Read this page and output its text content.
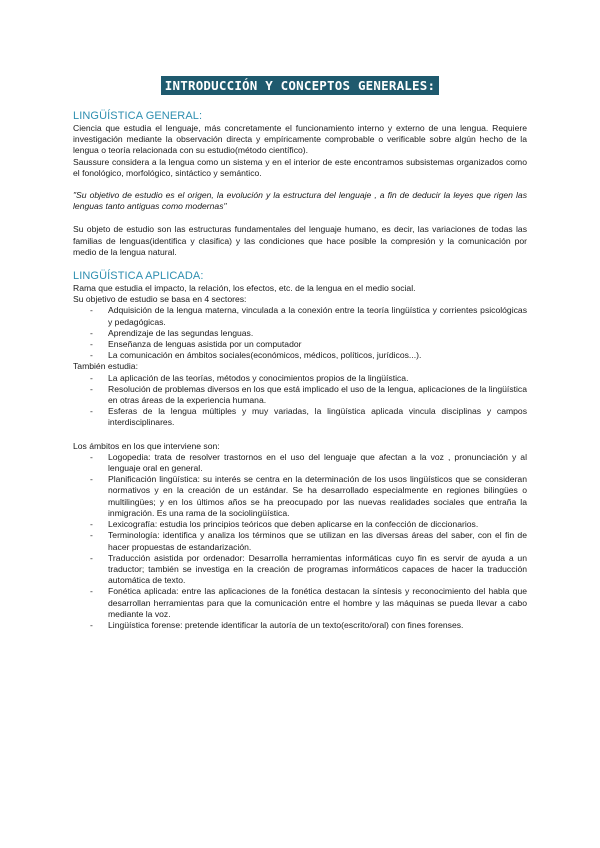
INTRODUCCIÓN Y CONCEPTOS GENERALES:
LINGÜÍSTICA GENERAL:

Ciencia que estudia el lenguaje, más concretamente el funcionamiento interno y externo de una lengua. Requiere investigación mediante la observación directa y empíricamente comprobable o verificable sobre algún hecho de la lengua o teoría relacionada con su estudio(método científico).

Saussure considera a la lengua como un sistema y en el interior de este encontramos subsistemas organizados como el fonológico, morfológico, sintáctico y semántico.

"Su objetivo de estudio es el origen, la evolución y la estructura del lenguaje , a fin de deducir la leyes que rigen las lenguas tanto antiguas como modernas"

Su objeto de estudio son las estructuras fundamentales del lenguaje humano, es decir, las variaciones de todas las familias de lenguas(identifica y clasifica) y las condiciones que hace posible la compresión y la comunicación por medio de la lengua natural.

LINGÜÍSTICA APLICADA:

Rama que estudia el impacto, la relación, los efectos, etc. de la lengua en el medio social.

Su objetivo de estudio se basa en 4 sectores:

- Adquisición de la lengua materna, vinculada a la conexión entre la teoría lingüística y corrientes psicológicas y pedagógicas.
- Aprendizaje de las segundas lenguas.
- Enseñanza de lenguas asistida por un computador
- La comunicación en ámbitos sociales(económicos, médicos, políticos, jurídicos...).

También estudia:

- La aplicación de las teorías, métodos y conocimientos propios de la lingüística.
- Resolución de problemas diversos en los que está implicado el uso de la lengua, aplicaciones de la lingüística en otras áreas de la experiencia humana.
- Esferas de la lengua múltiples y muy variadas, la lingüística aplicada vincula disciplinas y campos interdisciplinares.

Los ámbitos en los que interviene son:

- Logopedia: trata de resolver trastornos en el uso del lenguaje que afectan a la voz , pronunciación y al lenguaje oral en general.
- Planificación lingüística: su interés se centra en la determinación de los usos lingüísticos que se consideran normativos y en la creación de un estándar. Se ha desarrollado especialmente en regiones bilingües o multilingües; y en los últimos años se ha preocupado por las nuevas realidades sociales que entraña la inmigración. Es una rama de la sociolingüística.
- Lexicografía: estudia los principios teóricos que deben aplicarse en la confección de diccionarios.
- Terminología: identifica y analiza los términos que se utilizan en las diversas áreas del saber, con el fin de hacer propuestas de estandarización.
- Traducción asistida por ordenador: Desarrolla herramientas informáticas cuyo fin es servir de ayuda a un traductor; también se investiga en la creación de programas informáticos capaces de hacer la traducción automática de texto.
- Fonética aplicada: entre las aplicaciones de la fonética destacan la síntesis y reconocimiento del habla que desarrollan herramientas para que la comunicación entre el hombre y las máquinas se pueda llevar a cabo mediante la voz.
- Lingüística forense: pretende identificar la autoría de un texto(escrito/oral) con fines forenses.
